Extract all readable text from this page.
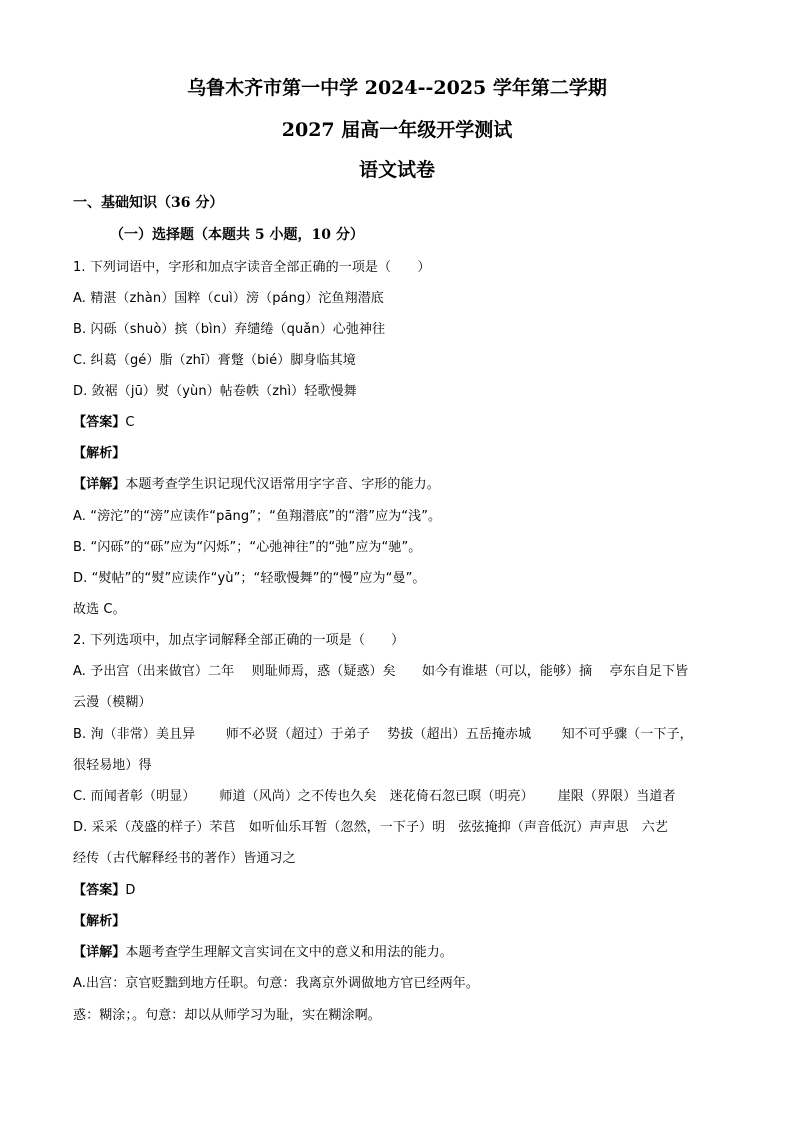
乌鲁木齐市第一中学 2024--2025 学年第二学期
2027 届高一年级开学测试
语文试卷
一、基础知识（36 分）
（一）选择题（本题共 5 小题，10 分）
1. 下列词语中，字形和加点字读音全部正确的一项是（　　）
A. 精湛（zhàn）国粹（cuì）滂（páng）沱鱼翔潜底
B. 闪砾（shuò）摈（bìn）弃缱绻（quǎn）心弛神往
C. 纠葛（gé）脂（zhī）膏蹩（bié）脚身临其境
D. 敛裾（jū）熨（yùn）帖卷帙（zhì）轻歌慢舞
【答案】C
【解析】
【详解】本题考查学生识记现代汉语常用字字音、字形的能力。
A. “滂沱”的“滂”应读作“pāng”；“鱼翔潜底”的“潜”应为“浅”。
B. “闪砾”的“砾”应为“闪烁”；“心弛神往”的“弛”应为“驰”。
D. “熨帖”的“熨”应读作“yù”；“轻歌慢舞”的“慢”应为“曼”。
故选 C。
2. 下列选项中，加点字词解释全部正确的一项是（　　）
A. 予出宫（出来做官）二年　 则耻师焉，惑（疑惑）矣　　如今有谁堪（可以，能够）摘　 亭东自足下皆
云漫（模糊）
B. 洵（非常）美且异　　 师不必贤（超过）于弟子　 势拔（超出）五岳掩赤城　　 知不可乎骤（一下子，
很轻易地）得
C. 而闻者彰（明显）　　 师道（风尚）之不传也久矣　迷花倚石忽已暝（明亮）　　 崖限（界限）当道者
D. 采采（茂盛的样子）芣苢　如听仙乐耳暂（忽然，一下子）明　弦弦掩抑（声音低沉）声声思　六艺
经传（古代解释经书的著作）皆通习之
【答案】D
【解析】
【详解】本题考查学生理解文言实词在文中的意义和用法的能力。
A.出宫：京官贬黜到地方任职。句意：我离京外调做地方官已经两年。
惑：糊涂；。句意：却以从师学习为耻，实在糊涂啊。
